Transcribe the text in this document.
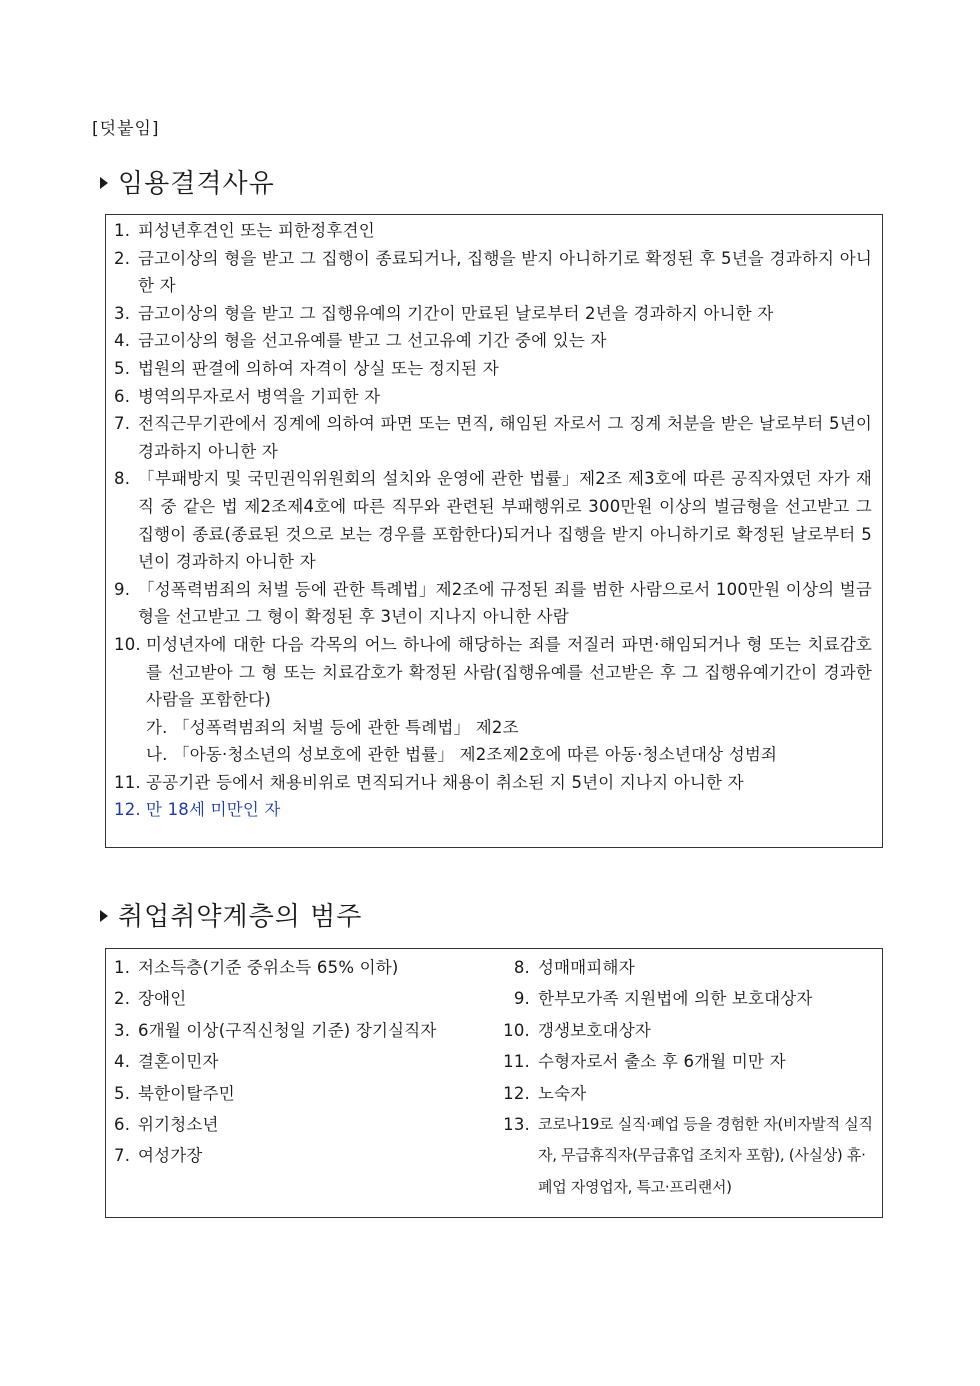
[덧붙임]
임용결격사유
1. 피성년후견인 또는 피한정후견인
2. 금고이상의 형을 받고 그 집행이 종료되거나, 집행을 받지 아니하기로 확정된 후 5년을 경과하지 아니한 자
3. 금고이상의 형을 받고 그 집행유예의 기간이 만료된 날로부터 2년을 경과하지 아니한 자
4. 금고이상의 형을 선고유예를 받고 그 선고유예 기간 중에 있는 자
5. 법원의 판결에 의하여 자격이 상실 또는 정지된 자
6. 병역의무자로서 병역을 기피한 자
7. 전직근무기관에서 징계에 의하여 파면 또는 면직, 해임된 자로서 그 징계 처분을 받은 날로부터 5년이 경과하지 아니한 자
8. 「부패방지 및 국민권익위원회의 설치와 운영에 관한 법률」제2조 제3호에 따른 공직자였던 자가 재직 중 같은 법 제2조제4호에 따른 직무와 관련된 부패행위로 300만원 이상의 벌금형을 선고받고 그 집행이 종료(종료된 것으로 보는 경우를 포함한다)되거나 집행을 받지 아니하기로 확정된 날로부터 5년이 경과하지 아니한 자
9. 「성폭력범죄의 처벌 등에 관한 특례법」제2조에 규정된 죄를 범한 사람으로서 100만원 이상의 벌금형을 선고받고 그 형이 확정된 후 3년이 지나지 아니한 사람
10. 미성년자에 대한 다음 각목의 어느 하나에 해당하는 죄를 저질러 파면·해임되거나 형 또는 치료감호를 선고받아 그 형 또는 치료감호가 확정된 사람(집행유예를 선고받은 후 그 집행유예기간이 경과한 사람을 포함한다)
가. 「성폭력범죄의 처벌 등에 관한 특례법」 제2조
나. 「아동·청소년의 성보호에 관한 법률」 제2조제2호에 따른 아동·청소년대상 성범죄
11. 공공기관 등에서 채용비위로 면직되거나 채용이 취소된 지 5년이 지나지 아니한 자
12. 만 18세 미만인 자
취업취약계층의 범주
1. 저소득층(기준 중위소득 65% 이하)
2. 장애인
3. 6개월 이상(구직신청일 기준) 장기실직자
4. 결혼이민자
5. 북한이탈주민
6. 위기청소년
7. 여성가장
8. 성매매피해자
9. 한부모가족 지원법에 의한 보호대상자
10. 갱생보호대상자
11. 수형자로서 출소 후 6개월 미만 자
12. 노숙자
13. 코로나19로 실직·폐업 등을 경험한 자(비자발적 실직자, 무급휴직자(무급휴업 조치자 포함), (사실상) 휴·폐업 자영업자, 특고·프리랜서)
